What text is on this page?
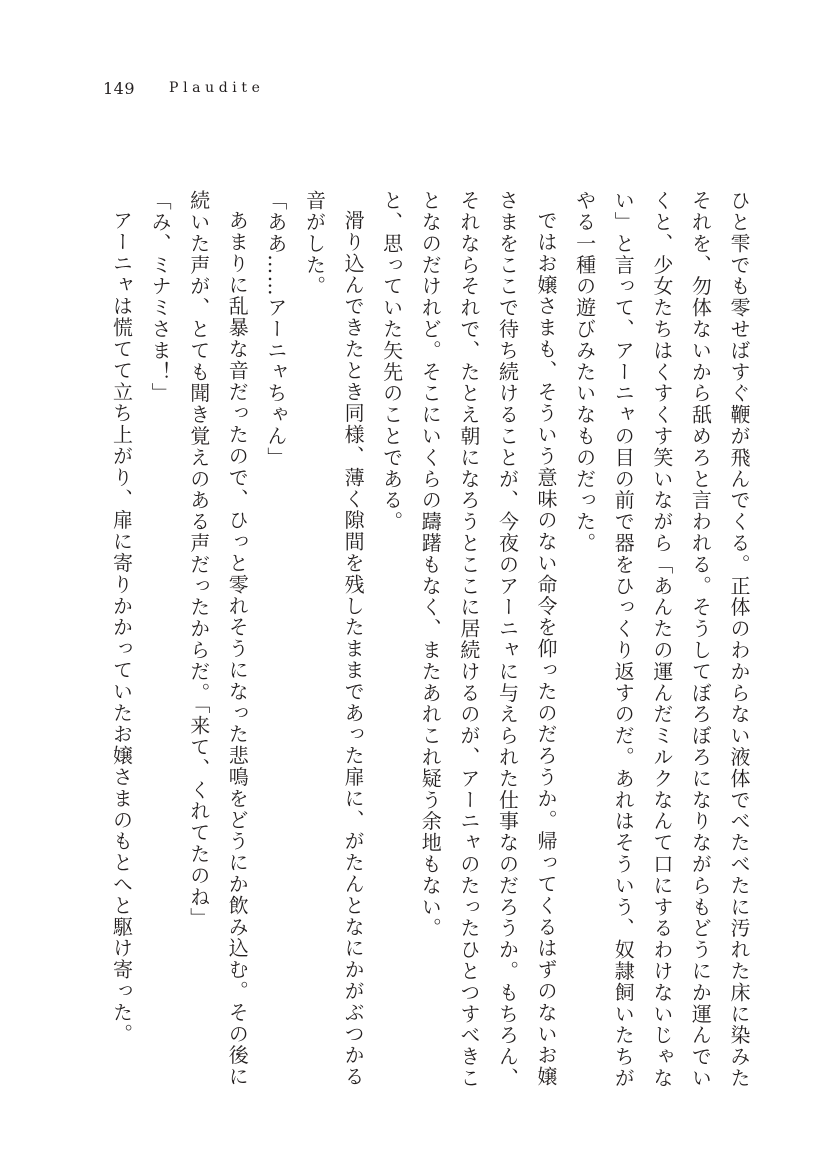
149 Plaudite

ひと雫でも零せばすぐ鞭が飛んでくる。正体のわからない液体でべたべたに汚れた床に染みたそれを、勿体ないから舐めろと言われる。そうしてぼろぼろになりながらもどうにか運んでいくと、少女たちはくすくす笑いながら「あんたの運んだミルクなんて口にするわけないじゃない」と言って、アーニャの目の前で器をひっくり返すのだ。あれはそういう、奴隷飼いたちがやる一種の遊びみたいなものだった。

ではお嬢さまも、そういう意味のない命令を仰ったのだろうか。帰ってくるはずのないお嬢さまをここで待ち続けることが、今夜のアーニャに与えられた仕事なのだろうか。もちろん、それならそれで、たとえ朝になろうとここに居続けるのが、アーニャのたったひとつすべきことなのだけれど。そこにいくらの躊躇もなく、またあれこれ疑う余地もない。

と、思っていた矢先のことである。

滑り込んできたとき同様、薄く隙間を残したままであった扉に、がたんとなにかがぶつかる音がした。

「ああ……アーニャちゃん」

あまりに乱暴な音だったので、ひっと零れそうになった悲鳴をどうにか飲み込む。その後に続いた声が、とても聞き覚えのある声だったからだ。「来て、くれてたのね」

「み、ミナミさま！」

アーニャは慌てて立ち上がり、扉に寄りかかっていたお嬢さまのもとへと駆け寄った。
